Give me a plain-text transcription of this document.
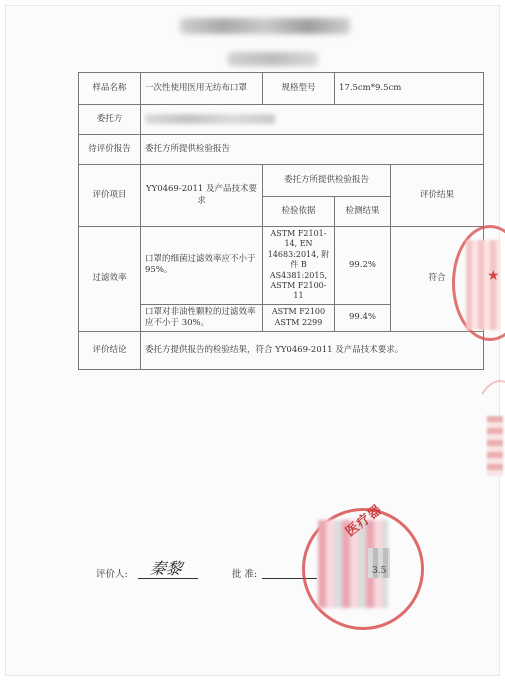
样品名称	一次性使用医用无纺布口罩	规格型号	17.5cm*9.5cm	
委托方				
待评价报告	委托方所提供检验报告			
评价项目	YY0469-2011 及产品技术要求	委托方所提供检验报告		评价结果
		检验依据	检测结果	
过滤效率	口罩的细菌过滤效率应不小于 95%。	ASTM F2101-14, EN 14683:2014, 附件 B AS4381:2015, ASTM F2100-11	99.2%	符合
	口罩对非油性颗粒的过滤效率应不小于 30%。	ASTM F2100 ASTM 2299	99.4%	
评价结论	委托方提供报告的检验结果，符合 YY0469-2011 及产品技术要求。			
★
评价人: 秦黎	批 准:
医疗器
3.5
